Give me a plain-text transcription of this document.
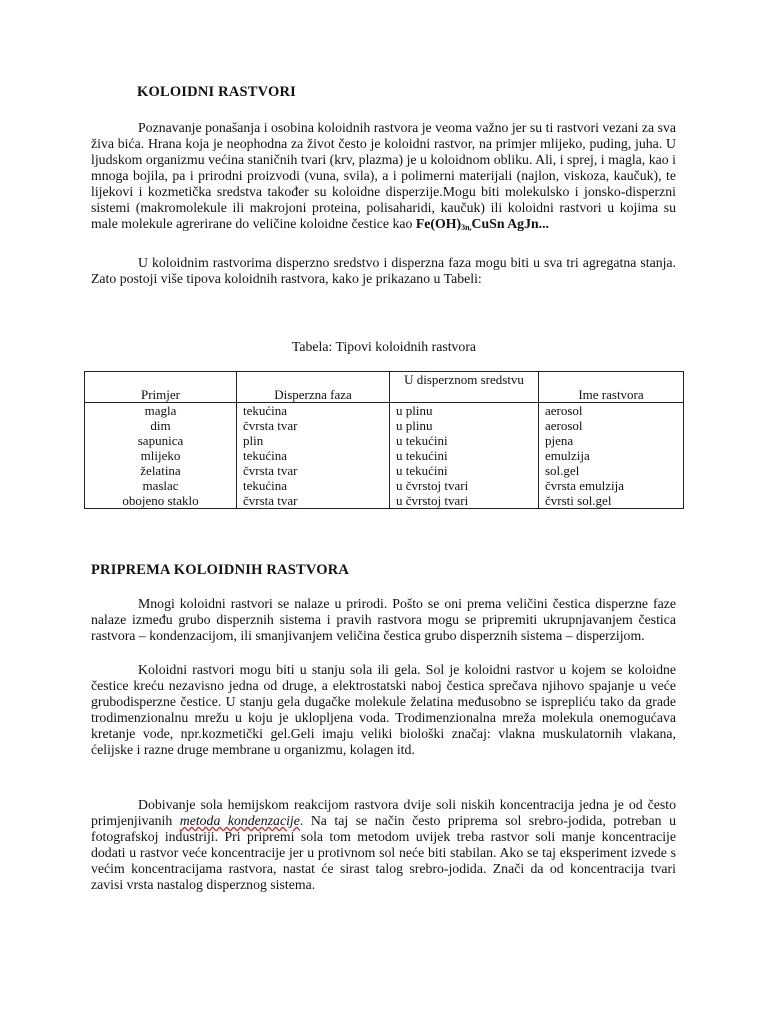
KOLOIDNI RASTVORI
Poznavanje ponašanja i osobina koloidnih rastvora je veoma važno jer su ti rastvori vezani za sva živa bića. Hrana koja je neophodna za život često je koloidni rastvor, na primjer mlijeko, puding, juha. U ljudskom organizmu većina staničnih tvari (krv, plazma) je u koloidnom obliku. Ali, i sprej, i magla, kao i mnoga bojila, pa i prirodni proizvodi (vuna, svila), a i polimerni materijali (najlon, viskoza, kaučuk), te lijekovi i kozmetička sredstva također su koloidne disperzije.Mogu biti molekulsko i jonsko-disperzni sistemi (makromolekule ili makrojoni proteina, polisaharidi, kaučuk) ili koloidni rastvori u kojima su male molekule agrerirane do veličine koloidne čestice kao $Fe(OH)_{3n,}CuSn$ AgJn...
U koloidnim rastvorima disperzno sredstvo i disperzna faza mogu biti u sva tri agregatna stanja. Zato postoji više tipova koloidnih rastvora, kako je prikazano u Tabeli:
Tabela: Tipovi koloidnih rastvora
Primjer	Disperzna faza	U disperznom sredstvu	Ime rastvora
magla	tekućina	u plinu	aerosol
dim	čvrsta tvar	u plinu	aerosol
sapunica	plin	u tekućini	pjena
mlijeko	tekućina	u tekućini	emulzija
želatina	čvrsta tvar	u tekućini	sol.gel
maslac	tekućina	u čvrstoj tvari	čvrsta emulzija
obojeno staklo	čvrsta tvar	u čvrstoj tvari	čvrsti sol.gel
PRIPREMA KOLOIDNIH RASTVORA
Mnogi koloidni rastvori se nalaze u prirodi. Pošto se oni prema veličini čestica disperzne faze nalaze između grubo disperznih sistema i pravih rastvora mogu se pripremiti ukrupnjavanjem čestica rastvora – kondenzacijom, ili smanjivanjem veličina čestica grubo disperznih sistema – disperzijom.
Koloidni rastvori mogu biti u stanju sola ili gela. Sol je koloidni rastvor u kojem se koloidne čestice kreću nezavisno jedna od druge, a elektrostatski naboj čestica sprečava njihovo spajanje u veće grubodisperzne čestice. U stanju gela dugačke molekule želatina međusobno se isprepliću tako da grade trodimenzionalnu mrežu u koju je ukloplјena voda. Trodimenzionalna mreža molekula onemogućava kretanje vode, npr.kozmetički gel.Geli imaju veliki biološki značaj: vlakna muskulatornih vlakana, ćelijske i razne druge membrane u organizmu, kolagen itd.
Dobivanje sola hemijskom reakcijom rastvora dvije soli niskih koncentracija jedna je od često primjenjivanih metoda kondenzacije. Na taj se način često priprema sol srebro-jodida, potreban u fotografskoj industriji. Pri pripremi sola tom metodom uvijek treba rastvor soli manje koncentracije dodati u rastvor veće koncentracije jer u protivnom sol neće biti stabilan. Ako se taj eksperiment izvede s većim koncentracijama rastvora, nastat će sirast talog srebro-jodida. Znači da od koncentracija tvari zavisi vrsta nastalog disperznog sistema.
